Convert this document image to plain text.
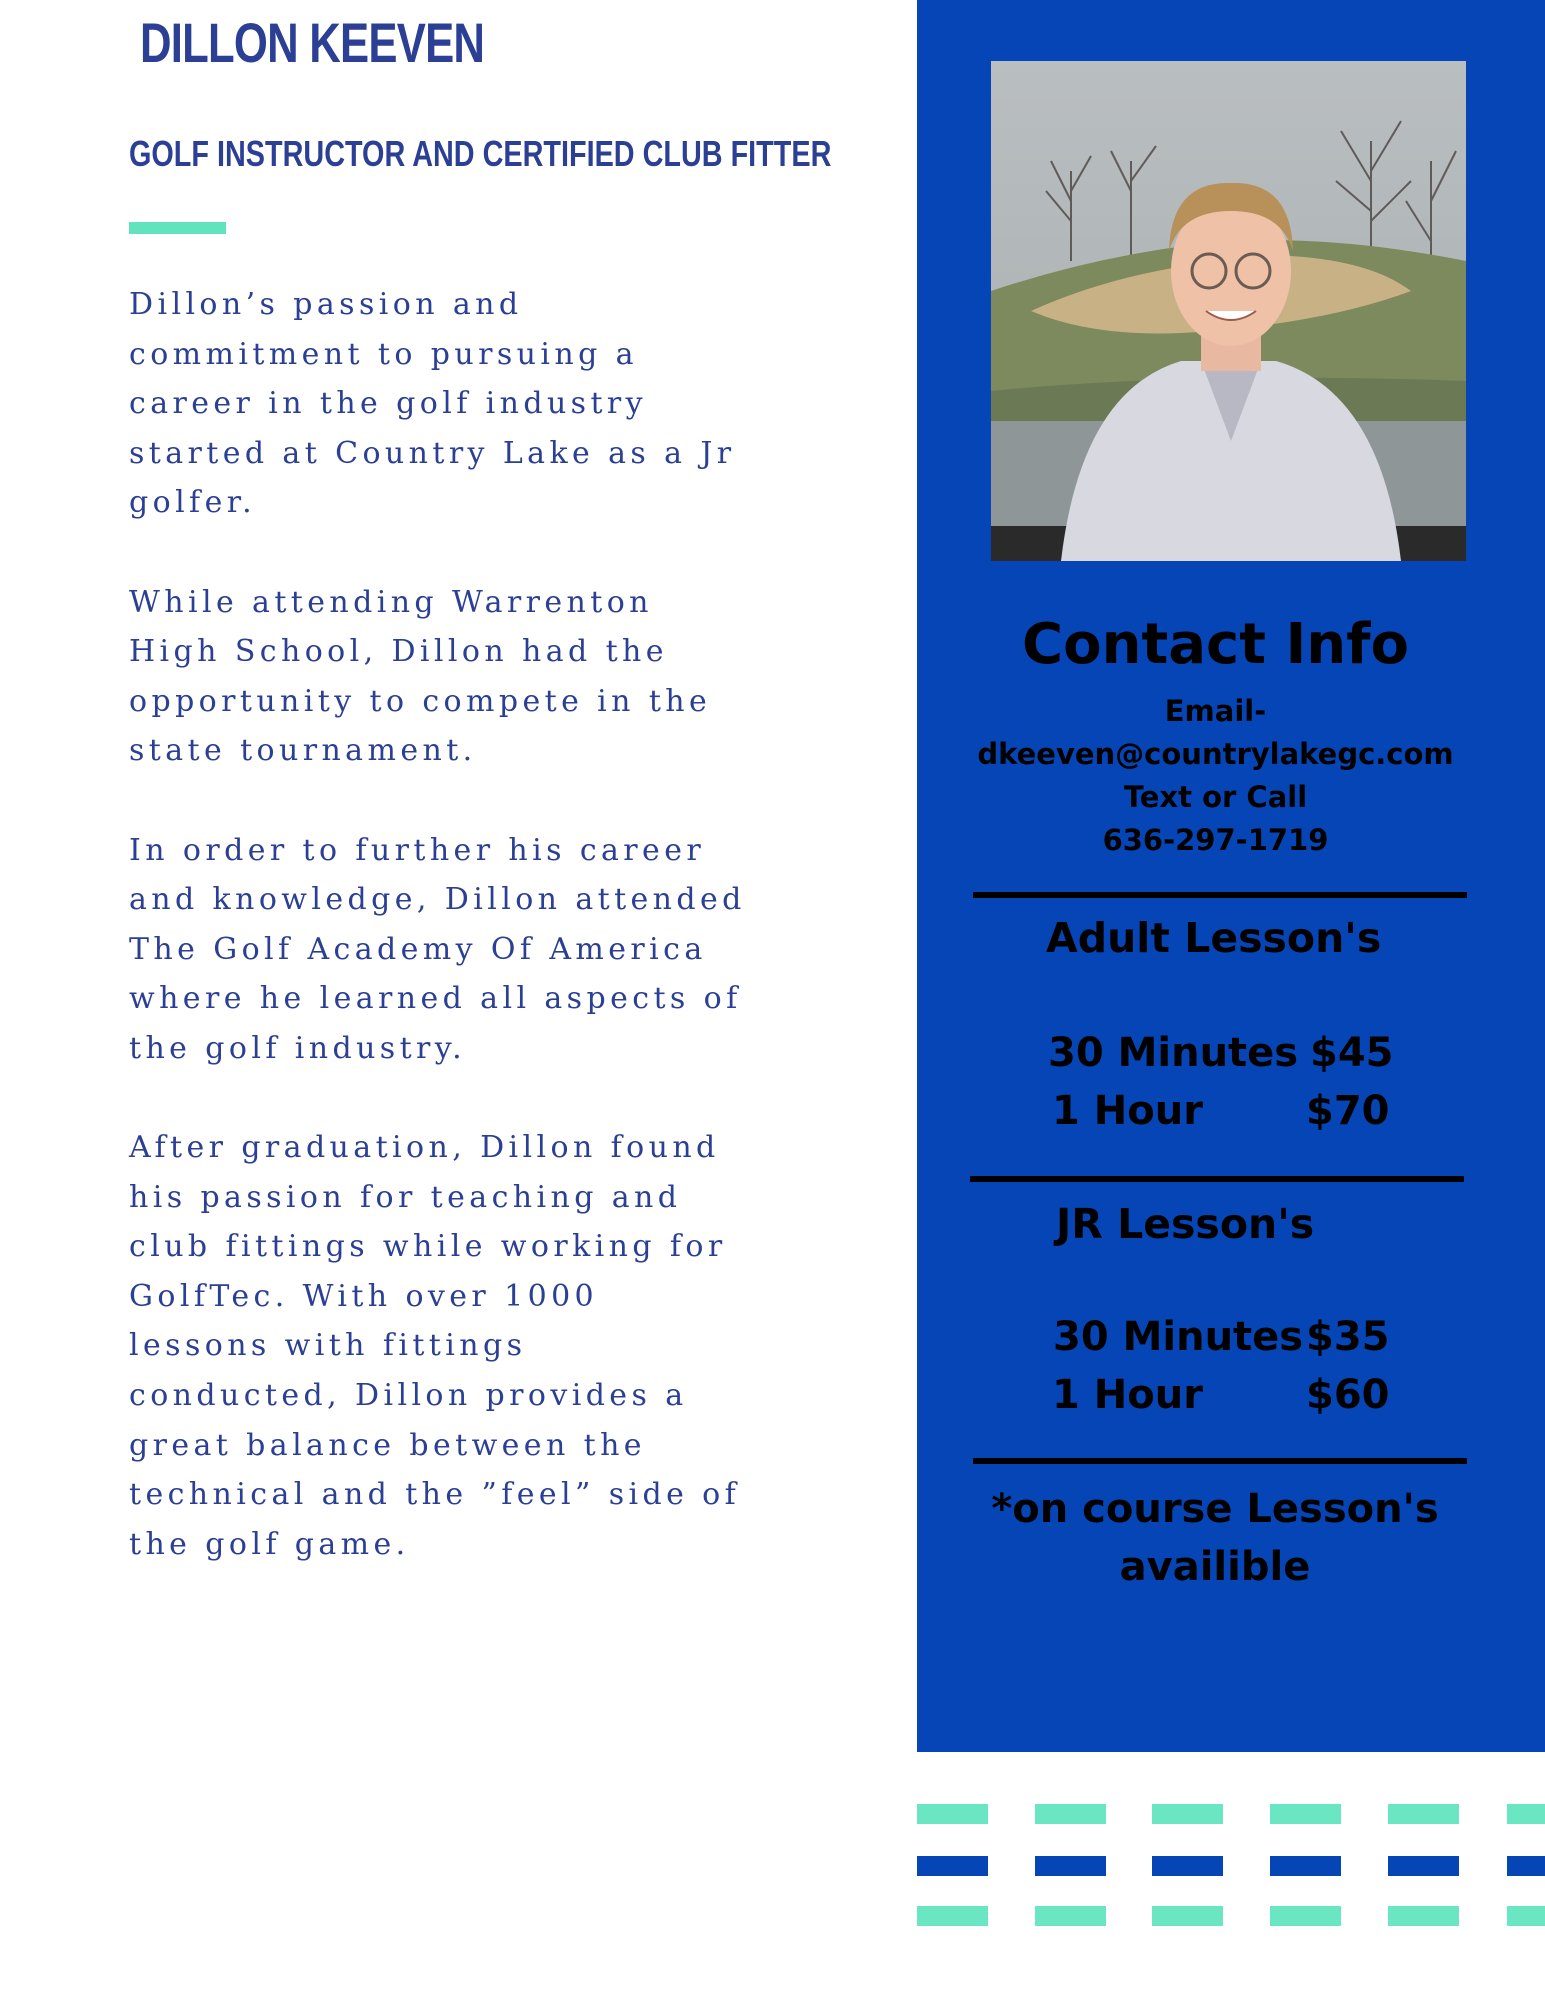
DILLON KEEVEN
GOLF INSTRUCTOR AND CERTIFIED CLUB FITTER

Dillon’s passion and commitment to pursuing a career in the golf industry started at Country Lake as a Jr golfer.

While attending Warrenton High School, Dillon had the opportunity to compete in the state tournament.

In order to further his career and knowledge, Dillon attended The Golf Academy Of America where he learned all aspects of the golf industry.

After graduation, Dillon found his passion for teaching and club fittings while working for GolfTec. With over 1000 lessons with fittings conducted, Dillon provides a great balance between the technical and the ”feel” side of the golf game.

Contact Info
Email-
dkeeven@countrylakegc.com
Text or Call
636-297-1719
Adult Lesson's
30 Minutes $45
1 Hour	$70
JR Lesson's
30 Minutes $35
1 Hour	$60
*on course Lesson's availible
